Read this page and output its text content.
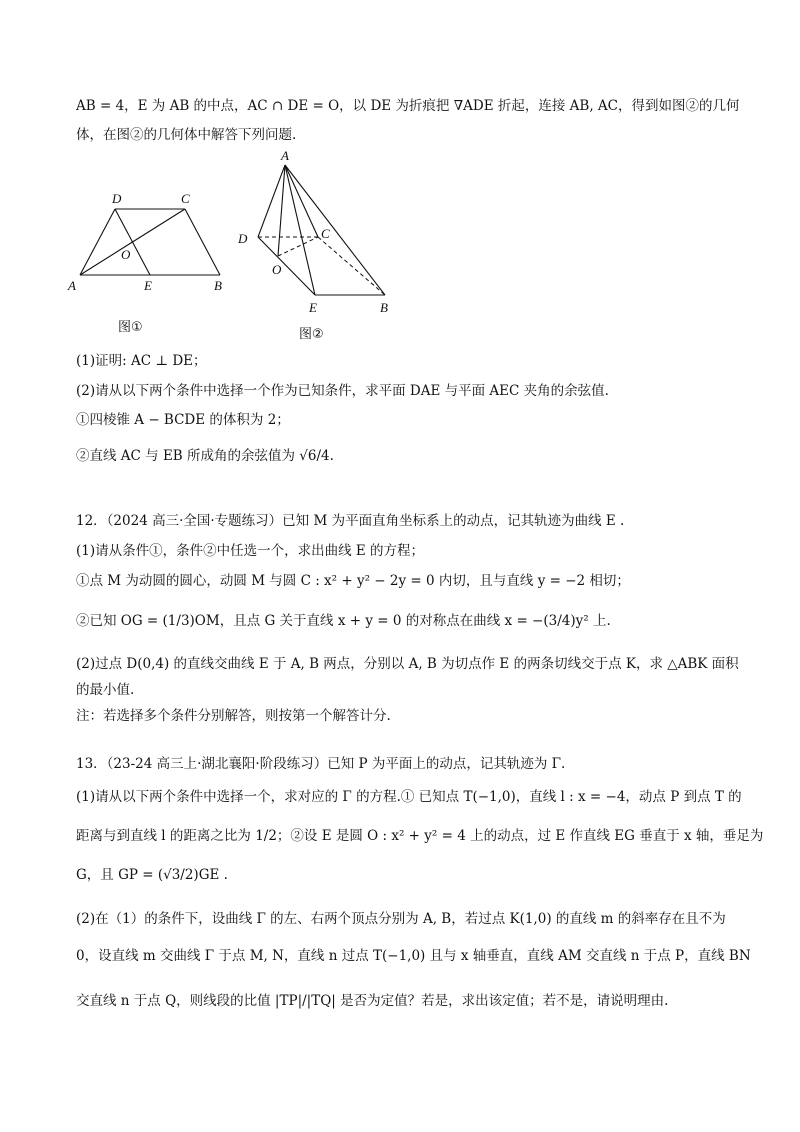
AB = 4，E 为 AB 的中点，AC ∩ DE = O，以 DE 为折痕把 ∇ADE 折起，连接 AB, AC，得到如图②的几何
体，在图②的几何体中解答下列问题.
A
D	C
E	B
O
图①
A
D	C
O
E	B
图②
(1)证明: AC ⊥ DE；
(2)请从以下两个条件中选择一个作为已知条件，求平面 DAE 与平面 AEC 夹角的余弦值.
①四棱锥 A − BCDE 的体积为 2；
②直线 AC 与 EB 所成角的余弦值为 √6/4.
12．（2024 高三·全国·专题练习）已知 M 为平面直角坐标系上的动点，记其轨迹为曲线 E .
(1)请从条件①，条件②中任选一个，求出曲线 E 的方程；
①点 M 为动圆的圆心，动圆 M 与圆 C : x² + y² − 2y = 0 内切，且与直线 y = −2 相切；
②已知 OG = (1/3)OM，且点 G 关于直线 x + y = 0 的对称点在曲线 x = −(3/4)y² 上.
(2)过点 D(0,4) 的直线交曲线 E 于 A, B 两点，分别以 A, B 为切点作 E 的两条切线交于点 K，求 △ABK 面积
的最小值.
注：若选择多个条件分别解答，则按第一个解答计分.
13．（23-24 高三上·湖北襄阳·阶段练习）已知 P 为平面上的动点，记其轨迹为 Γ.
(1)请从以下两个条件中选择一个，求对应的 Γ 的方程.① 已知点 T(−1,0)，直线 l : x = −4，动点 P 到点 T 的
距离与到直线 l 的距离之比为 1/2；②设 E 是圆 O : x² + y² = 4 上的动点，过 E 作直线 EG 垂直于 x 轴，垂足为
G，且 GP = (√3/2)GE .
(2)在（1）的条件下，设曲线 Γ 的左、右两个顶点分别为 A, B，若过点 K(1,0) 的直线 m 的斜率存在且不为
0，设直线 m 交曲线 Γ 于点 M, N，直线 n 过点 T(−1,0) 且与 x 轴垂直，直线 AM 交直线 n 于点 P，直线 BN
交直线 n 于点 Q，则线段的比值 |TP|/|TQ| 是否为定值？若是，求出该定值；若不是，请说明理由.
